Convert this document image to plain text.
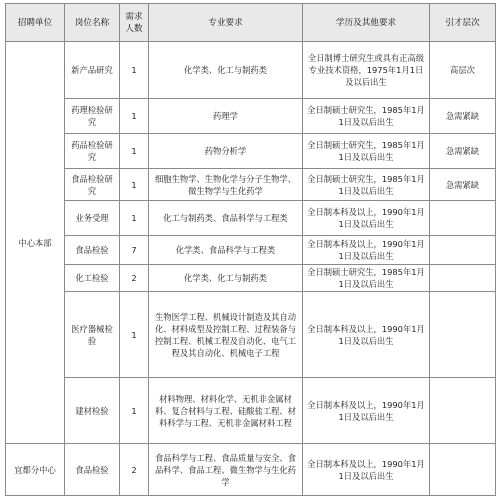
招聘单位	岗位名称	需求人数	专业要求	学历及其他要求	引才层次
中心本部	新产品研究	1	化学类、化工与制药类	全日制博士研究生或具有正高级专业技术资格，1975年1月1日及以后出生	高层次
	药理检验研究	1	药理学	全日制硕士研究生，1985年1月1日及以后出生	急需紧缺
	药品检验研究	1	药物分析学	全日制硕士研究生，1985年1月1日及以后出生	急需紧缺
	食品检验研究	1	细胞生物学、生物化学与分子生物学、微生物学与生化药学	全日制硕士研究生，1985年1月1日及以后出生	急需紧缺
	业务受理	1	化工与制药类、食品科学与工程类	全日制本科及以上，1990年1月1日及以后出生	
	食品检验	7	化学类、食品科学与工程类	全日制本科及以上，1990年1月1日及以后出生	
	化工检验	2	化学类、化工与制药类	全日制硕士研究生，1985年1月1日及以后出生	
	医疗器械检验	1	生物医学工程、机械设计制造及其自动化、材料成型及控制工程、过程装备与控制工程、机械工程及自动化、电气工程及其自动化、机械电子工程	全日制本科及以上，1990年1月1日及以后出生	
	建材检验	1	材料物理、材料化学、无机非金属材料、复合材料与工程、硅酸盐工程、材料科学与工程、无机非金属材料工程	全日制本科及以上，1990年1月1日及以后出生	
宜都分中心	食品检验	2	食品科学与工程、食品质量与安全、食品科学、食品工程、微生物学与生化药学	全日制本科及以上，1990年1月1日及以后出生	
